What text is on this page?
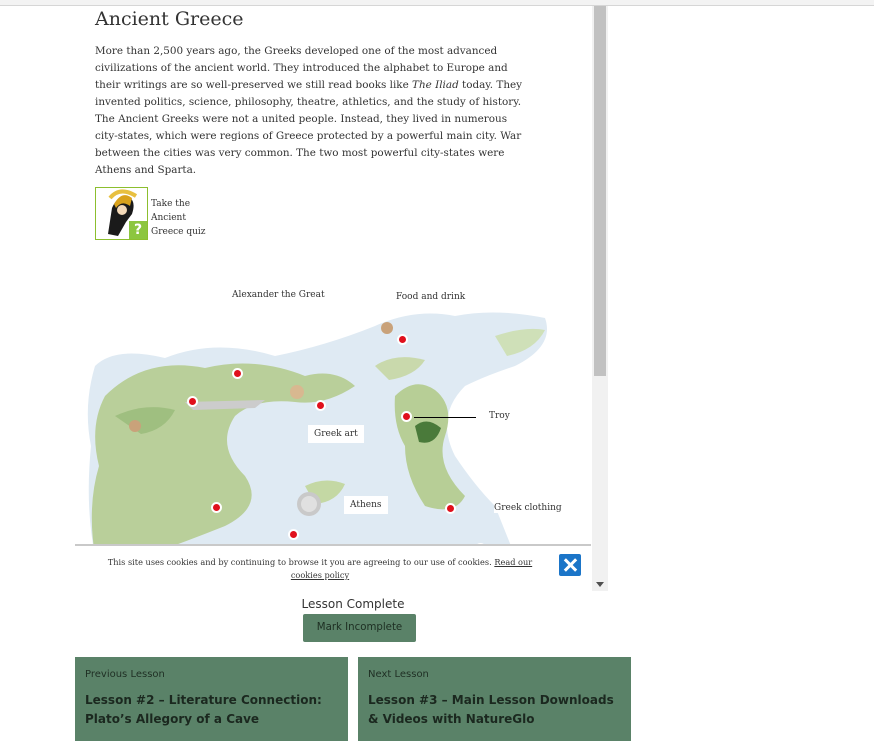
Ancient Greece

More than 2,500 years ago, the Greeks developed one of the most advanced civilizations of the ancient world. They introduced the alphabet to Europe and their writings are so well-preserved we still read books like The Iliad today. They invented politics, science, philosophy, theatre, athletics, and the study of history. The Ancient Greeks were not a united people. Instead, they lived in numerous city-states, which were regions of Greece protected by a powerful main city. War between the cities was very common. The two most powerful city-states were Athens and Sparta.

?
Take the Ancient Greece quiz
Alexander the Great	Food and drink
Troy
Greek art
Athens	Greek clothing
This site uses cookies and by continuing to browse it you are agreeing to our use of cookies. Read our cookies policy
Lesson Complete
Mark Incomplete
Previous Lesson
Lesson #2 – Literature Connection: Plato’s Allegory of a Cave
Next Lesson
Lesson #3 – Main Lesson Downloads & Videos with NatureGlo
